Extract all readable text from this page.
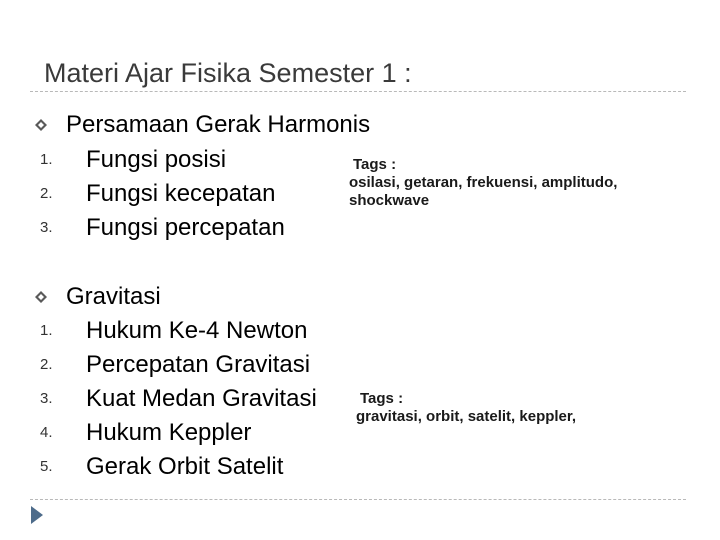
Materi Ajar Fisika Semester 1 :
Persamaan Gerak Harmonis
1.	Fungsi posisi
2.	Fungsi kecepatan
3.	Fungsi percepatan
Tags :
osilasi, getaran, frekuensi, amplitudo,
shockwave
Gravitasi
1.	Hukum Ke-4 Newton
2.	Percepatan Gravitasi
3.	Kuat Medan Gravitasi
4.	Hukum Keppler
5.	Gerak Orbit Satelit
Tags :
gravitasi, orbit, satelit, keppler,
